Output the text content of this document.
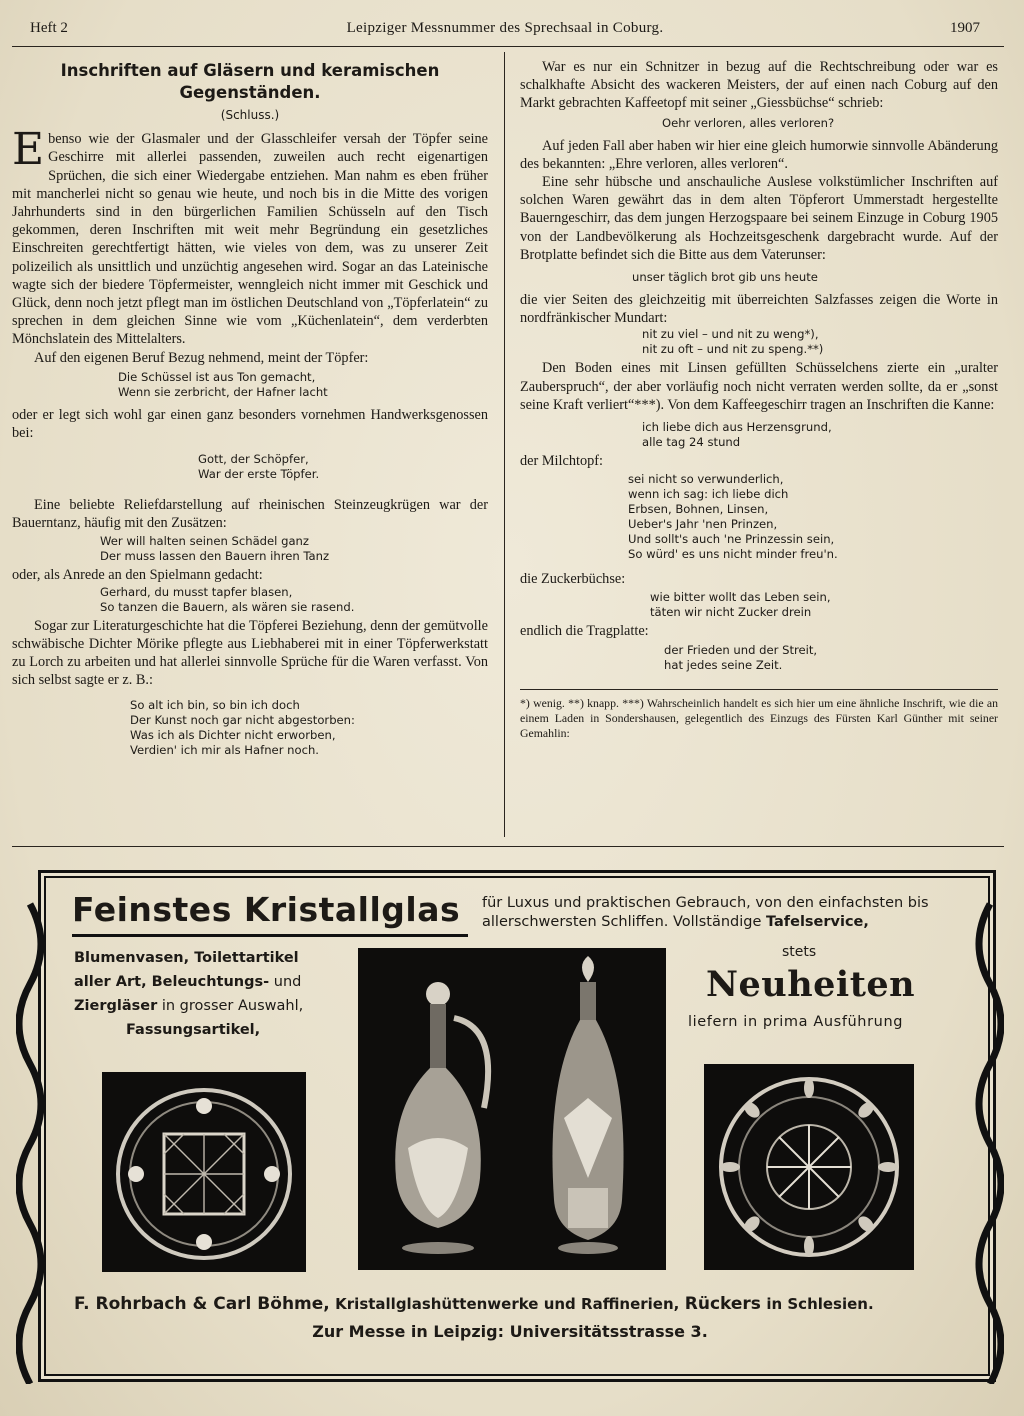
Heft 2	Leipziger Messnummer des Sprechsaal in Coburg.	1907
Inschriften auf Gläsern und keramischen
Gegenständen.
(Schluss.)

Ebenso wie der Glasmaler und der Glasschleifer versah der Töpfer seine Geschirre mit allerlei passenden, zuweilen auch recht eigenartigen Sprüchen, die sich einer Wiedergabe entziehen. Man nahm es eben früher mit mancherlei nicht so genau wie heute, und noch bis in die Mitte des vorigen Jahrhunderts sind in den bürgerlichen Familien Schüsseln auf den Tisch gekommen, deren Inschriften mit weit mehr Begründung ein gesetzliches Einschreiten gerechtfertigt hätten, wie vieles von dem, was zu unserer Zeit polizeilich als unsittlich und unzüchtig angesehen wird. Sogar an das Lateinische wagte sich der biedere Töpfermeister, wenngleich nicht immer mit Geschick und Glück, denn noch jetzt pflegt man im östlichen Deutschland von „Töpferlatein“ zu sprechen in dem gleichen Sinne wie vom „Küchenlatein“, dem verderbten Mönchslatein des Mittelalters.

Auf den eigenen Beruf Bezug nehmend, meint der Töpfer:

Die Schüssel ist aus Ton gemacht,
Wenn sie zerbricht, der Hafner lacht

oder er legt sich wohl gar einen ganz besonders vornehmen Handwerksgenossen bei:

Gott, der Schöpfer,
War der erste Töpfer.

Eine beliebte Reliefdarstellung auf rheinischen Steinzeugkrügen war der Bauerntanz, häufig mit den Zusätzen:

Wer will halten seinen Schädel ganz
Der muss lassen den Bauern ihren Tanz

oder, als Anrede an den Spielmann gedacht:

Gerhard, du musst tapfer blasen,
So tanzen die Bauern, als wären sie rasend.

Sogar zur Literaturgeschichte hat die Töpferei Beziehung, denn der gemütvolle schwäbische Dichter Mörike pflegte aus Liebhaberei mit in einer Töpferwerkstatt zu Lorch zu arbeiten und hat allerlei sinnvolle Sprüche für die Waren verfasst. Von sich selbst sagte er z. B.:

So alt ich bin, so bin ich doch
Der Kunst noch gar nicht abgestorben:
Was ich als Dichter nicht erworben,
Verdien' ich mir als Hafner noch.

War es nur ein Schnitzer in bezug auf die Rechtschreibung oder war es schalkhafte Absicht des wackeren Meisters, der auf einen nach Coburg auf den Markt gebrachten Kaffeetopf mit seiner „Giessbüchse“ schrieb:

Oehr verloren, alles verloren?

Auf jeden Fall aber haben wir hier eine gleich humorwie sinnvolle Abänderung des bekannten: „Ehre verloren, alles verloren“.

Eine sehr hübsche und anschauliche Auslese volkstümlicher Inschriften auf solchen Waren gewährt das in dem alten Töpferort Ummerstadt hergestellte Bauerngeschirr, das dem jungen Herzogspaare bei seinem Einzuge in Coburg 1905 von der Landbevölkerung als Hochzeitsgeschenk dargebracht wurde. Auf der Brotplatte befindet sich die Bitte aus dem Vaterunser:

unser täglich brot gib uns heute

die vier Seiten des gleichzeitig mit überreichten Salzfasses zeigen die Worte in nordfränkischer Mundart:

nit zu viel – und nit zu weng*),
nit zu oft – und nit zu speng.**)

Den Boden eines mit Linsen gefüllten Schüsselchens zierte ein „uralter Zauberspruch“, der aber vorläufig noch nicht verraten werden sollte, da er „sonst seine Kraft verliert“***). Von dem Kaffeegeschirr tragen an Inschriften die Kanne:

ich liebe dich aus Herzensgrund,
alle tag 24 stund

der Milchtopf:

sei nicht so verwunderlich,
wenn ich sag: ich liebe dich
Erbsen, Bohnen, Linsen,
Ueber's Jahr 'nen Prinzen,
Und sollt's auch 'ne Prinzessin sein,
So würd' es uns nicht minder freu'n.

die Zuckerbüchse:

wie bitter wollt das Leben sein,
täten wir nicht Zucker drein

endlich die Tragplatte:

der Frieden und der Streit,
hat jedes seine Zeit.
*) wenig. **) knapp. ***) Wahrscheinlich handelt es sich hier um eine ähnliche Inschrift, wie die an einem Laden in Sondershausen, gelegentlich des Einzugs des Fürsten Karl Günther mit seiner Gemahlin:
Feinstes Kristallglas für Luxus und praktischen Gebrauch, von den einfachsten bis allerschwersten Schliffen. Vollständige Tafelservice,
stets
Blumenvasen, Toilettartikel
aller Art, Beleuchtungs- und
Ziergläser in grosser Auswahl,
Fassungsartikel,
Neuheiten
liefern in prima Ausführung
F. Rohrbach & Carl Böhme, Kristallglashüttenwerke und Raffinerien, Rückers in Schlesien.
Zur Messe in Leipzig: Universitätsstrasse 3.
